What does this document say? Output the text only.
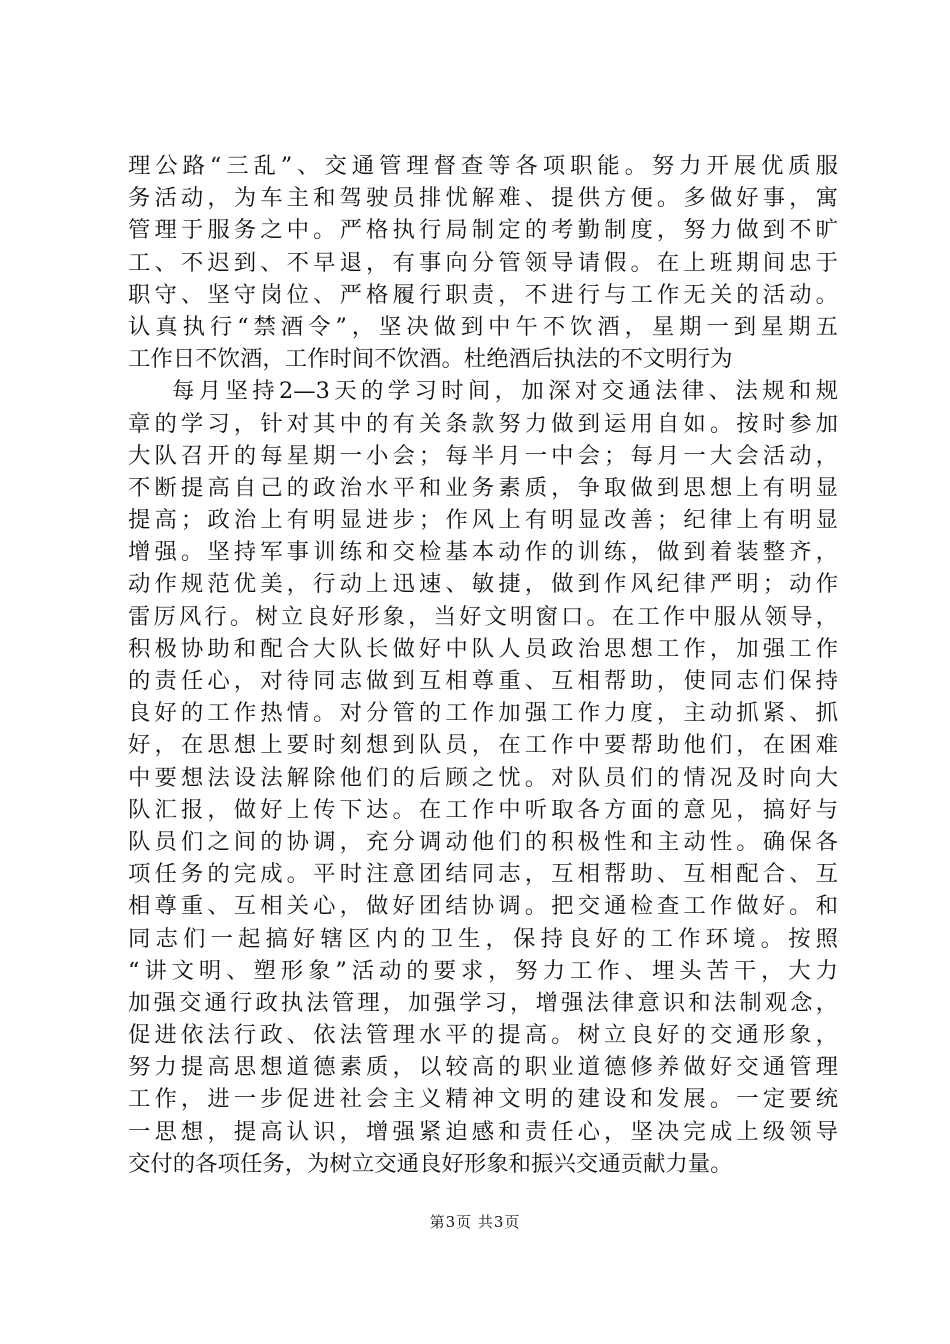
理公路“三乱”、交通管理督查等各项职能。努力开展优质服
务活动，为车主和驾驶员排忧解难、提供方便。多做好事，寓
管理于服务之中。严格执行局制定的考勤制度，努力做到不旷
工、不迟到、不早退，有事向分管领导请假。在上班期间忠于
职守、坚守岗位、严格履行职责，不进行与工作无关的活动。
认真执行“禁酒令”，坚决做到中午不饮酒，星期一到星期五
工作日不饮酒，工作时间不饮酒。杜绝酒后执法的不文明行为
每月坚持2—3天的学习时间，加深对交通法律、法规和规
章的学习，针对其中的有关条款努力做到运用自如。按时参加
大队召开的每星期一小会；每半月一中会；每月一大会活动，
不断提高自己的政治水平和业务素质，争取做到思想上有明显
提高；政治上有明显进步；作风上有明显改善；纪律上有明显
增强。坚持军事训练和交检基本动作的训练，做到着装整齐，
动作规范优美，行动上迅速、敏捷，做到作风纪律严明；动作
雷厉风行。树立良好形象，当好文明窗口。在工作中服从领导，
积极协助和配合大队长做好中队人员政治思想工作，加强工作
的责任心，对待同志做到互相尊重、互相帮助，使同志们保持
良好的工作热情。对分管的工作加强工作力度，主动抓紧、抓
好，在思想上要时刻想到队员，在工作中要帮助他们，在困难
中要想法设法解除他们的后顾之忧。对队员们的情况及时向大
队汇报，做好上传下达。在工作中听取各方面的意见，搞好与
队员们之间的协调，充分调动他们的积极性和主动性。确保各
项任务的完成。平时注意团结同志，互相帮助、互相配合、互
相尊重、互相关心，做好团结协调。把交通检查工作做好。和
同志们一起搞好辖区内的卫生，保持良好的工作环境。按照
“讲文明、塑形象”活动的要求，努力工作、埋头苦干，大力
加强交通行政执法管理，加强学习，增强法律意识和法制观念，
促进依法行政、依法管理水平的提高。树立良好的交通形象，
努力提高思想道德素质，以较高的职业道德修养做好交通管理
工作，进一步促进社会主义精神文明的建设和发展。一定要统
一思想，提高认识，增强紧迫感和责任心，坚决完成上级领导
交付的各项任务，为树立交通良好形象和振兴交通贡献力量。
第3页 共3页
